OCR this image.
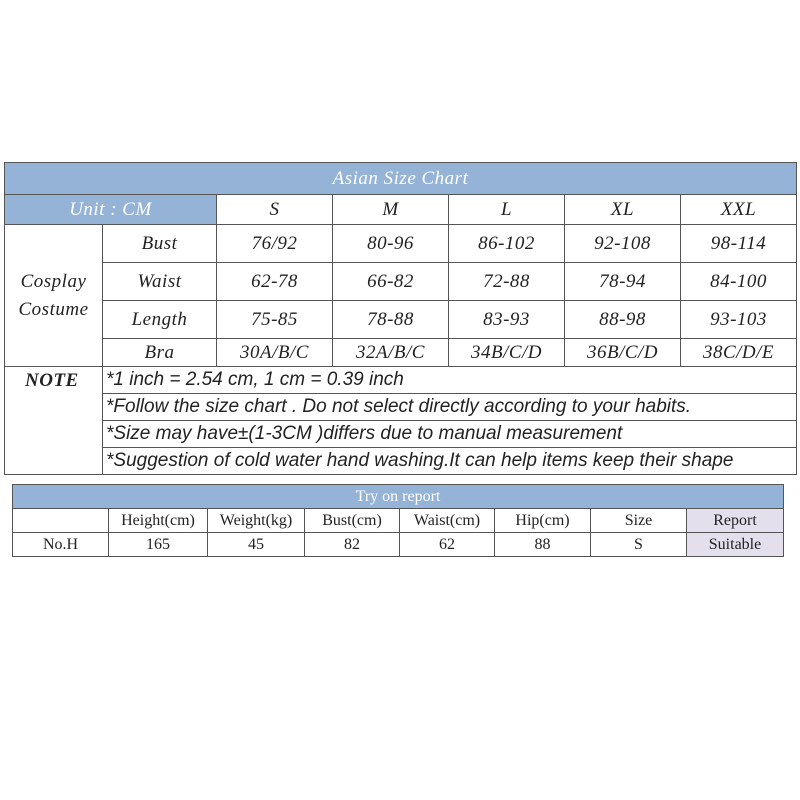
Asian Size Chart						
Unit : CM		S	M	L	XL	XXL

Cosplay
Costume	Bust	76/92	80-96	86-102	92-108	98-114
	Waist	62-78	66-82	72-88	78-94	84-100
	Length	75-85	78-88	83-93	88-98	93-103
	Bra	30A/B/C	32A/B/C	34B/C/D	36B/C/D	38C/D/E
NOTE	*1 inch = 2.54 cm, 1 cm = 0.39 inch					
	*Follow the size chart . Do not select directly according to your habits.					
	*Size may have±(1-3CM )differs due to manual measurement					
	*Suggestion of cold water hand washing.It can help items keep their shape					
Try on report							
	Height(cm)	Weight(kg)	Bust(cm)	Waist(cm)	Hip(cm)	Size	Report
No.H	165	45	82	62	88	S	Suitable
